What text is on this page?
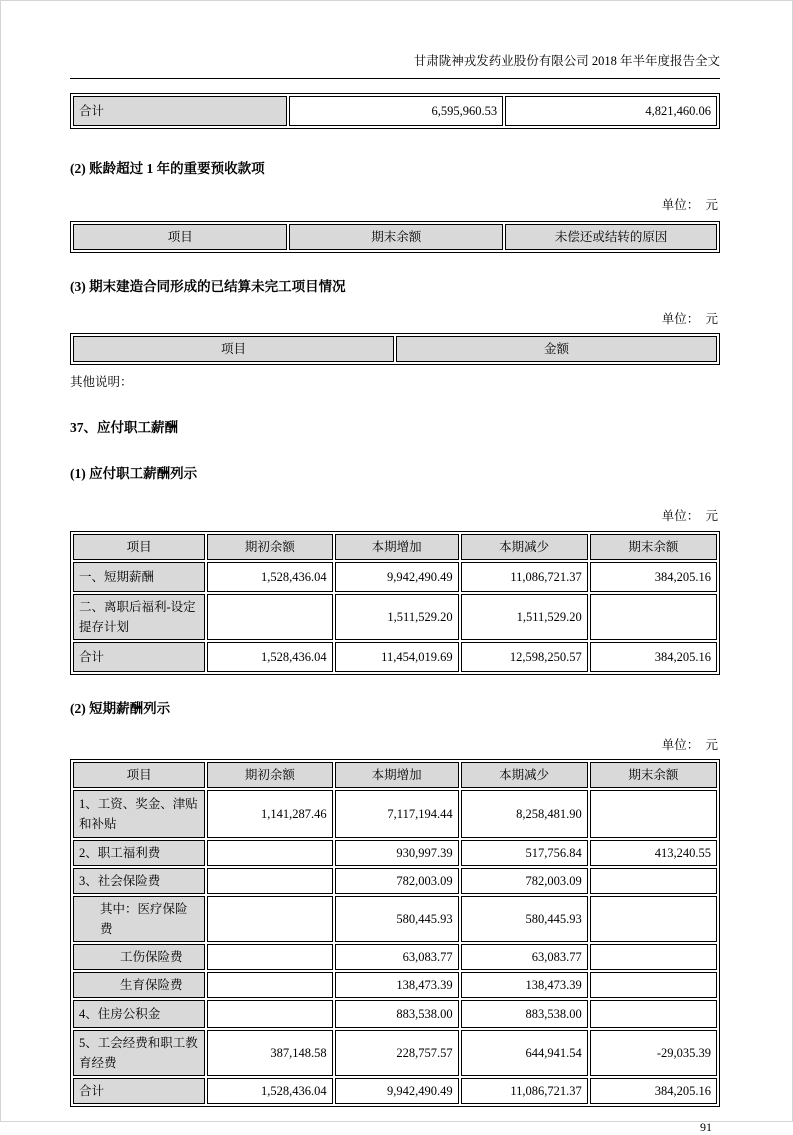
甘肃陇神戎发药业股份有限公司 2018 年半年度报告全文
合计	6,595,960.53	4,821,460.06
(2) 账龄超过 1 年的重要预收款项
单位：　元
项目	期末余额	未偿还或结转的原因
(3) 期末建造合同形成的已结算未完工项目情况
单位：　元
项目	金额
其他说明：
37、应付职工薪酬
(1) 应付职工薪酬列示
单位：　元
项目	期初余额	本期增加	本期减少	期末余额
一、短期薪酬	1,528,436.04	9,942,490.49	11,086,721.37	384,205.16
二、离职后福利-设定提存计划		1,511,529.20	1,511,529.20	
合计	1,528,436.04	11,454,019.69	12,598,250.57	384,205.16
(2) 短期薪酬列示
单位：　元
项目	期初余额	本期增加	本期减少	期末余额
1、工资、奖金、津贴和补贴	1,141,287.46	7,117,194.44	8,258,481.90	
2、职工福利费		930,997.39	517,756.84	413,240.55
3、社会保险费		782,003.09	782,003.09	
其中：医疗保险费		580,445.93	580,445.93	
工伤保险费		63,083.77	63,083.77	
生育保险费		138,473.39	138,473.39	
4、住房公积金		883,538.00	883,538.00	
5、工会经费和职工教育经费	387,148.58	228,757.57	644,941.54	-29,035.39
合计	1,528,436.04	9,942,490.49	11,086,721.37	384,205.16
91
